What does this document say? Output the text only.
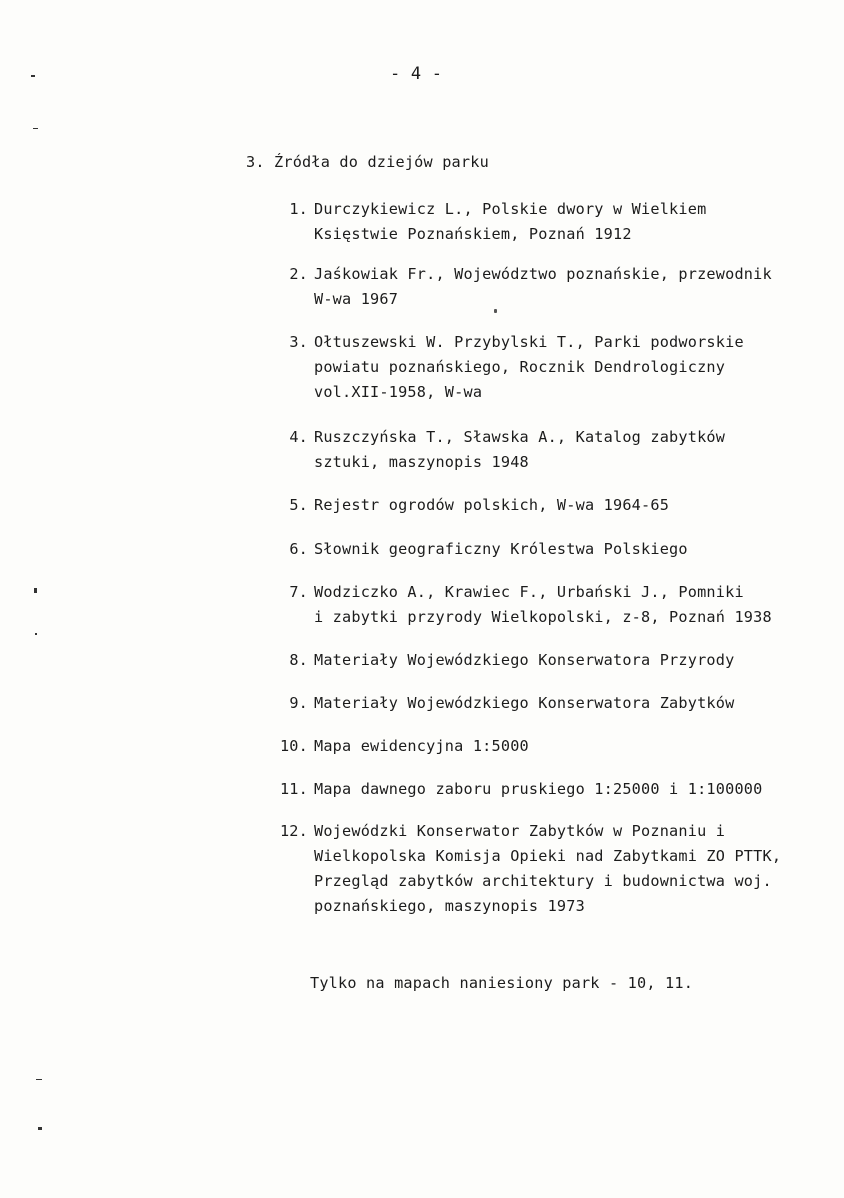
- 4 -
3. Źródła do dziejów parku
1. Durczykiewicz L., Polskie dwory w Wielkiem
Księstwie Poznańskiem, Poznań 1912
2. Jaśkowiak Fr., Województwo poznańskie, przewodnik
W-wa 1967
3. Ołtuszewski W. Przybylski T., Parki podworskie
powiatu poznańskiego, Rocznik Dendrologiczny
vol.XII-1958, W-wa
4. Ruszczyńska T., Sławska A., Katalog zabytków
sztuki, maszynopis 1948
5. Rejestr ogrodów polskich, W-wa 1964-65
6. Słownik geograficzny Królestwa Polskiego
7. Wodziczko A., Krawiec F., Urbański J., Pomniki
i zabytki przyrody Wielkopolski, z-8, Poznań 1938
8. Materiały Wojewódzkiego Konserwatora Przyrody
9. Materiały Wojewódzkiego Konserwatora Zabytków
10. Mapa ewidencyjna 1:5000
11. Mapa dawnego zaboru pruskiego 1:25000 i 1:100000
12. Wojewódzki Konserwator Zabytków w Poznaniu i
Wielkopolska Komisja Opieki nad Zabytkami ZO PTTK,
Przegląd zabytków architektury i budownictwa woj.
poznańskiego, maszynopis 1973
Tylko na mapach naniesiony park - 10, 11.
